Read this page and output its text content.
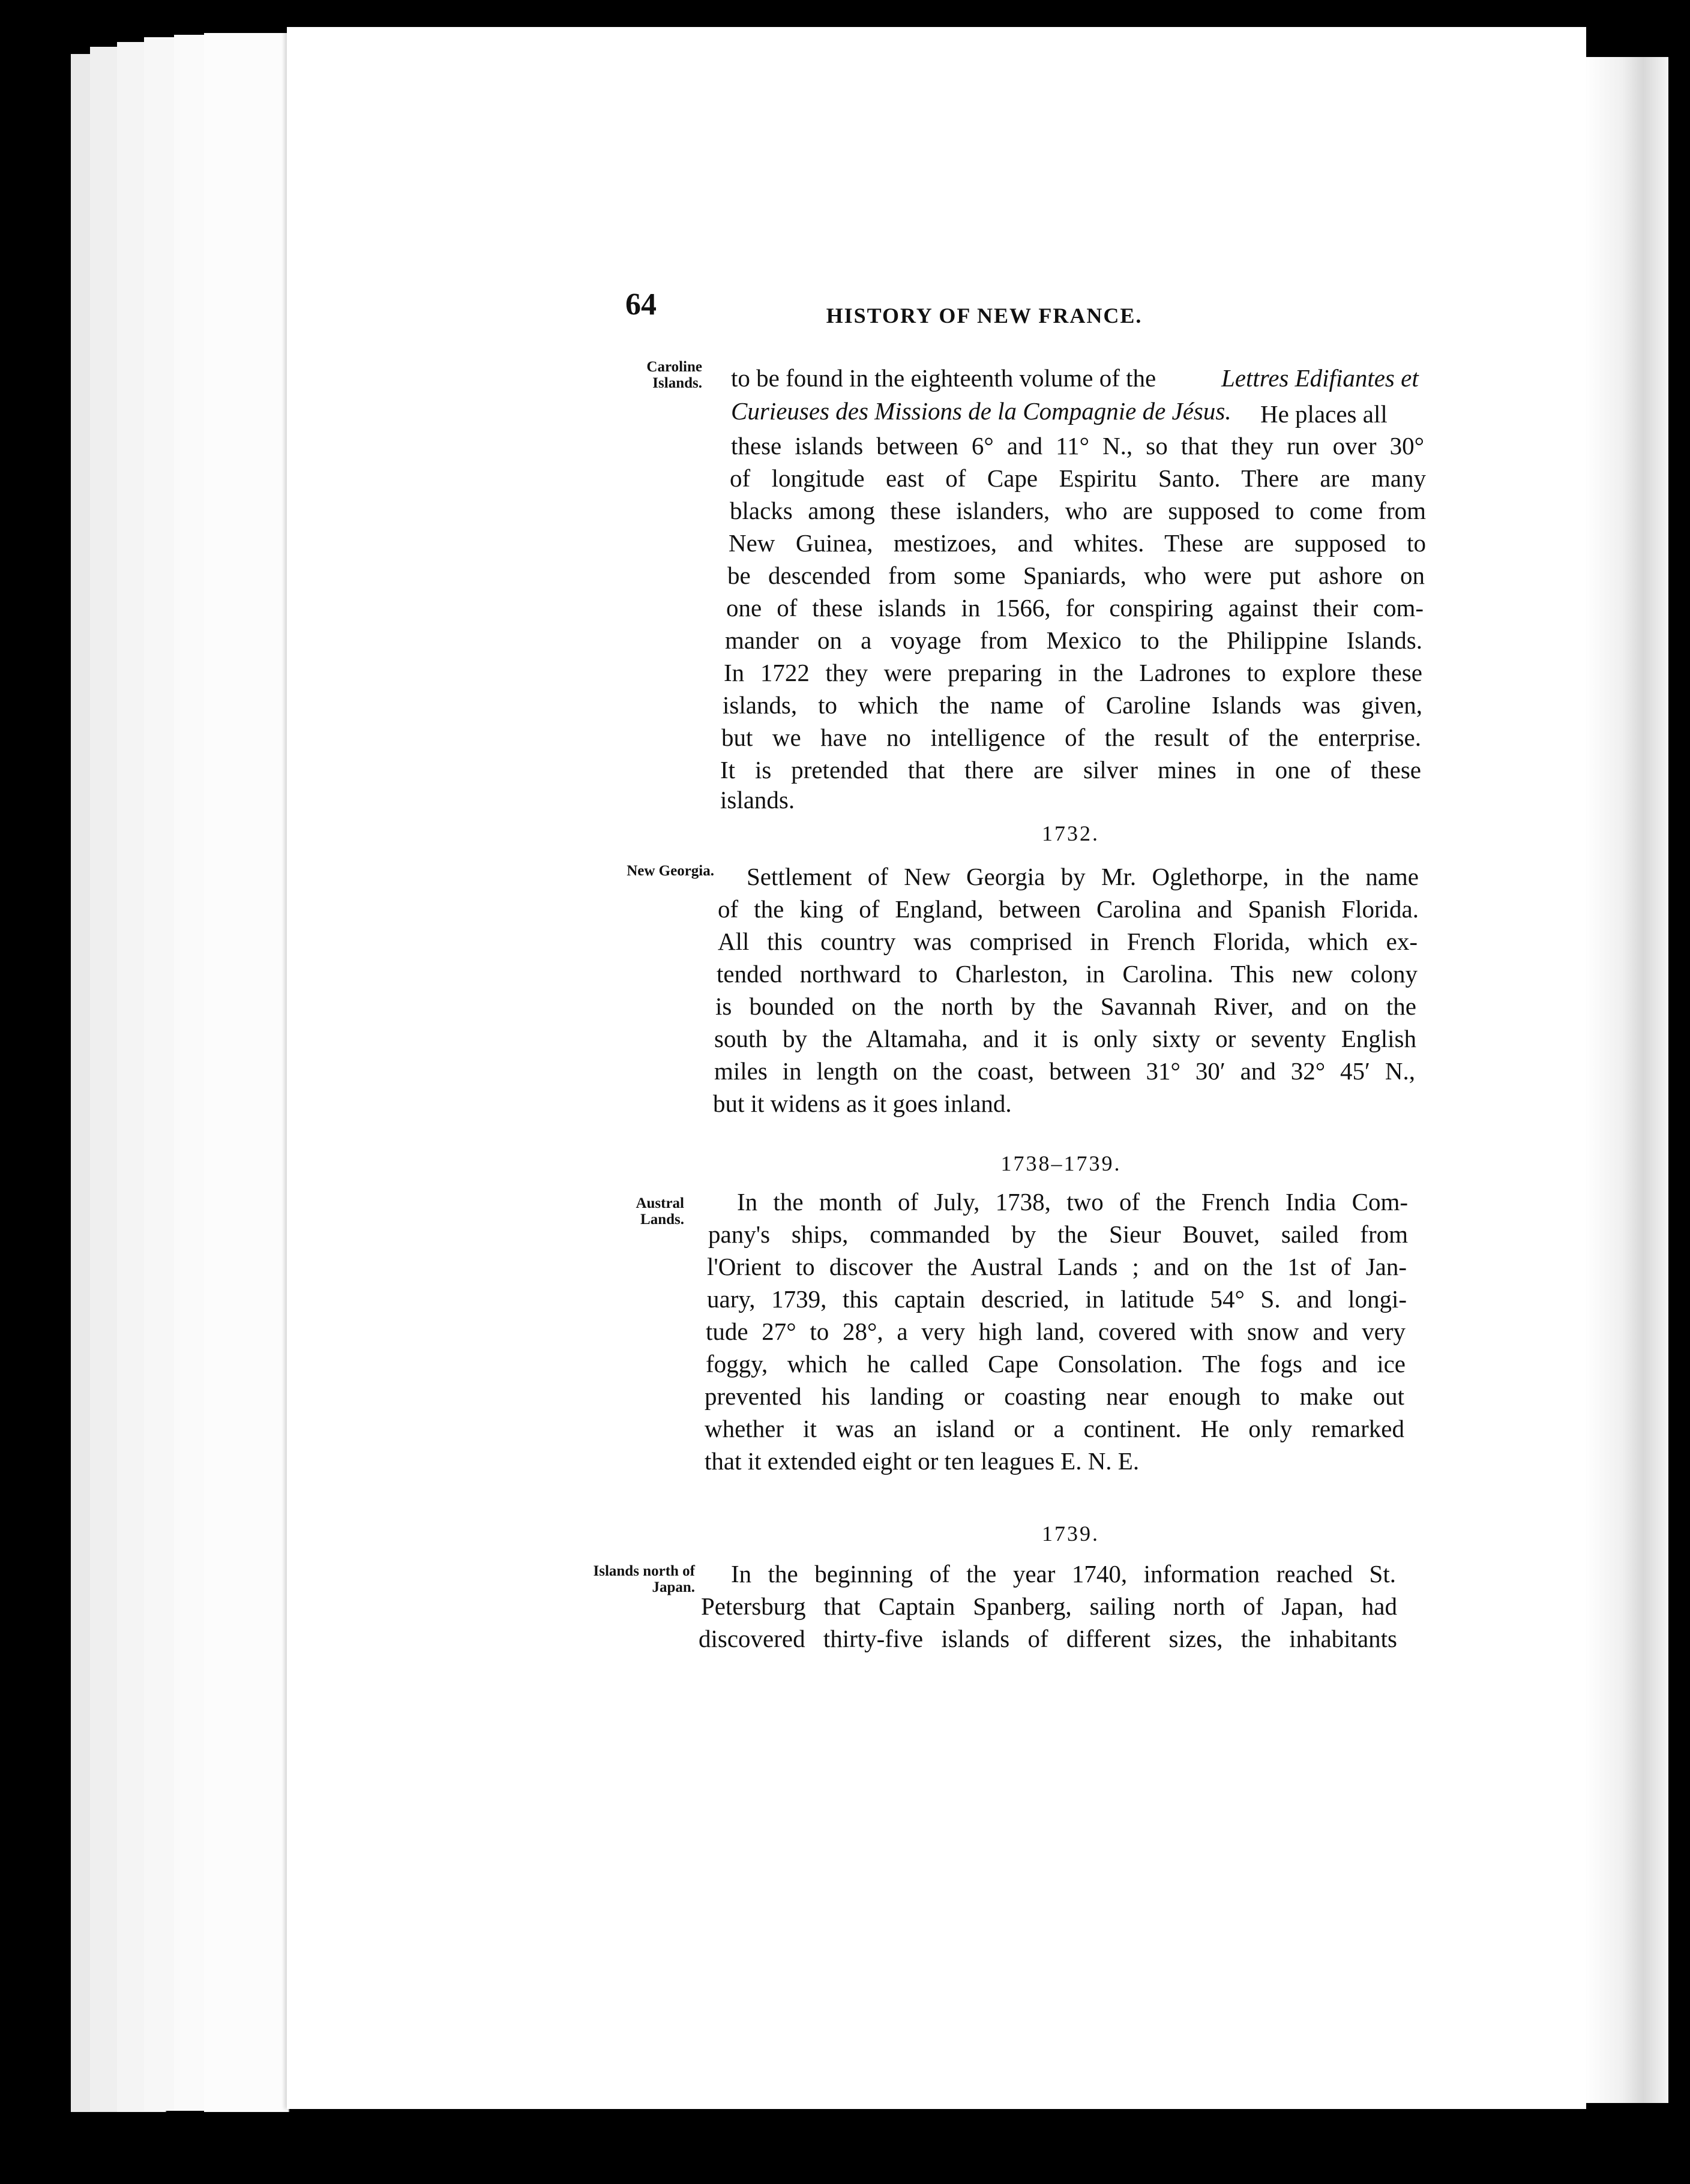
64	HISTORY OF NEW FRANCE.
Caroline Islands.
New Georgia.
Austral Lands.
Islands north of Japan.
1732.
1738–1739.
1739.
to be found in the eighteenth volume of the	Lettres Edifiantes et
Curieuses des Missions de la Compagnie de Jésus. He places all
these islands between 6° and 11° N., so that they run over 30°
of longitude east of Cape Espiritu Santo. There are many
blacks among these islanders, who are supposed to come from
New Guinea, mestizoes, and whites. These are supposed to
be descended from some Spaniards, who were put ashore on
one of these islands in 1566, for conspiring against their com-
mander on a voyage from Mexico to the Philippine Islands.
In 1722 they were preparing in the Ladrones to explore these
islands, to which the name of Caroline Islands was given,
but we have no intelligence of the result of the enterprise.
It is pretended that there are silver mines in one of these
islands.
Settlement of New Georgia by Mr. Oglethorpe, in the name
of the king of England, between Carolina and Spanish Florida.
All this country was comprised in French Florida, which ex-
tended northward to Charleston, in Carolina. This new colony
is bounded on the north by the Savannah River, and on the
south by the Altamaha, and it is only sixty or seventy English
miles in length on the coast, between 31° 30′ and 32° 45′ N.,
but it widens as it goes inland.
In the month of July, 1738, two of the French India Com-
pany's ships, commanded by the Sieur Bouvet, sailed from
l'Orient to discover the Austral Lands ; and on the 1st of Jan-
uary, 1739, this captain descried, in latitude 54° S. and longi-
tude 27° to 28°, a very high land, covered with snow and very
foggy, which he called Cape Consolation. The fogs and ice
prevented his landing or coasting near enough to make out
whether it was an island or a continent. He only remarked
that it extended eight or ten leagues E. N. E.
In the beginning of the year 1740, information reached St.
Petersburg that Captain Spanberg, sailing north of Japan, had
discovered thirty-five islands of different sizes, the inhabitants
